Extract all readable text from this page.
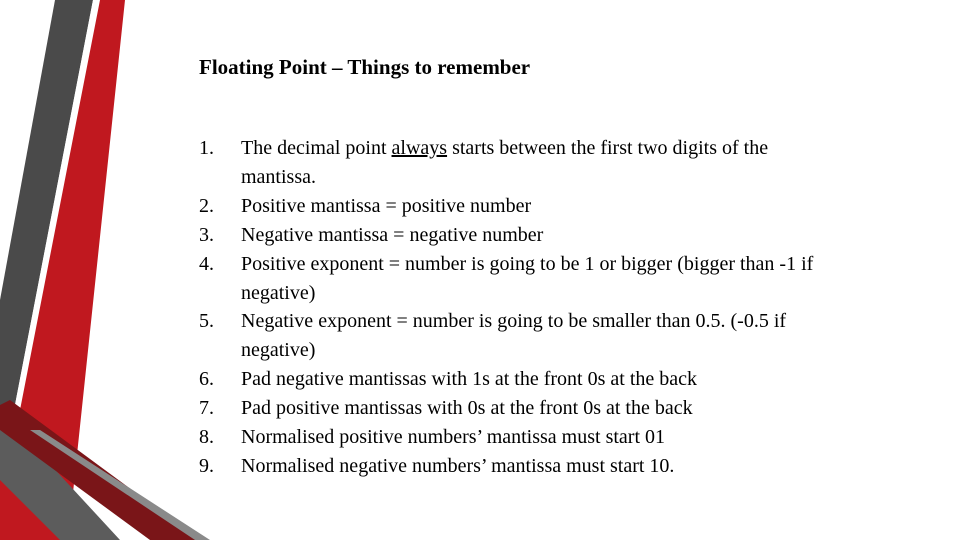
Floating Point – Things to remember
1. The decimal point always starts between the first two digits of the mantissa.
2. Positive mantissa = positive number
3. Negative mantissa = negative number
4. Positive exponent = number is going to be 1 or bigger (bigger than -1 if negative)
5. Negative exponent = number is going to be smaller than 0.5. (-0.5 if negative)
6. Pad negative mantissas with 1s at the front 0s at the back
7. Pad positive mantissas with 0s at the front 0s at the back
8. Normalised positive numbers’ mantissa must start 01
9. Normalised negative numbers’ mantissa must start 10.
